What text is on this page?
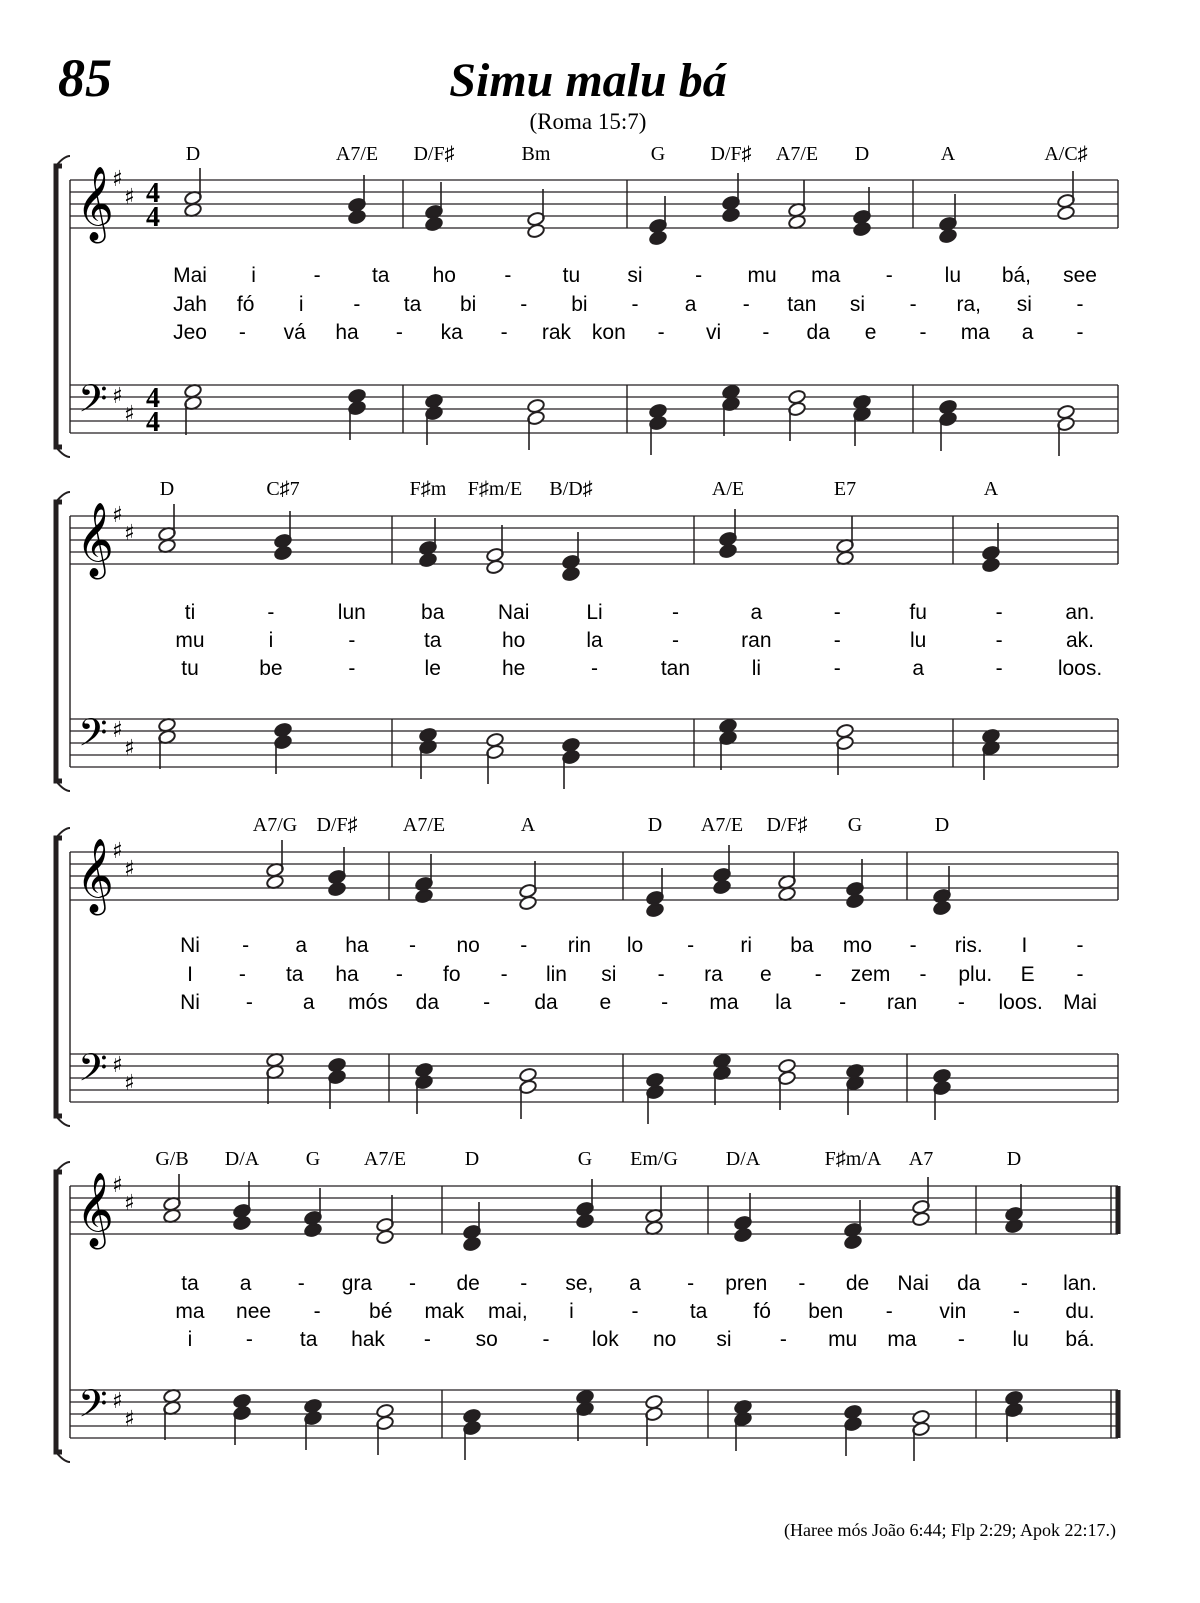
85	Simu malu bá
(Roma 15:7)
𝄞
♯
♯ 4
4
𝄢 ♯
♯
4
4
D	A7/E D/F♯	Bm	G D/F♯ A7/E D	A	A/C♯
Mai i	- ta ho - tu si - mu ma - lu bá, see
Jah fó i - ta bi - bi - a - tan si - ra, si -
Jeo - vá ha - ka - rak kon - vi - da e - ma a -
𝄞
♯
♯
𝄢 ♯
♯
D	C♯7	F♯m F♯m/E B/D♯	A/E	E7	A
ti	-	lun	ba	Nai	Li	-	a	-	fu	-	an.
mu	i	-	ta	ho	la	-	ran	-	lu	-	ak.
tu	be	-	le	he	-	tan	li	-	a	-	loos.
𝄞
♯
♯
𝄢 ♯
♯
A7/G D/F♯ A7/E	A	D A7/E D/F♯ G	D
Ni - a ha - no - rin lo - ri ba mo - ris. I -
I - ta ha - fo - lin si - ra e - zem - plu. E -
Ni - a mós da - da e - ma la - ran - loos. Mai
𝄞
♯
♯
𝄢 ♯
♯
G/B D/A G A7/E	D	G Em/G D/A	F♯m/A A7	D
ta a - gra - de - se, a - pren - de Nai da - lan.
ma nee - bé mak mai, i	- ta fó ben - vin - du.
i	- ta hak - so - lok no si - mu ma - lu bá.
(Haree mós João 6:44; Flp 2:29; Apok 22:17.)
